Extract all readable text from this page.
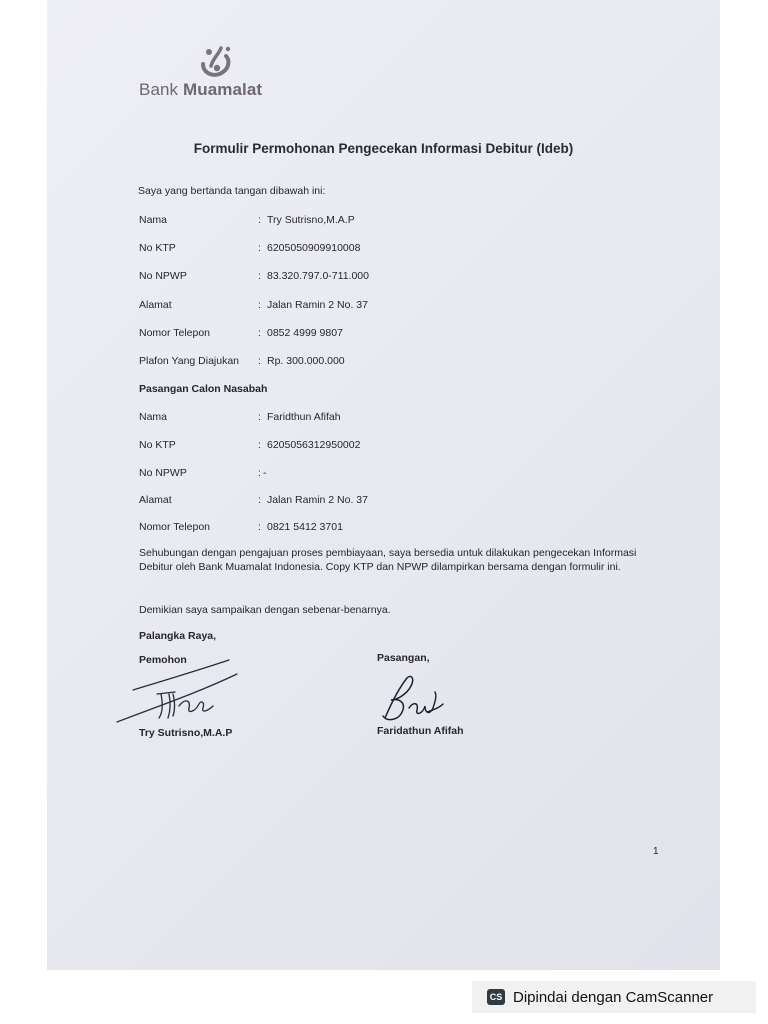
Bank Muamalat
Formulir Permohonan Pengecekan Informasi Debitur (Ideb)
Saya yang bertanda tangan dibawah ini:
Nama	: Try Sutrisno,M.A.P
No KTP	: 6205050909910008
No NPWP	: 83.320.797.0-711.000
Alamat	: Jalan Ramin 2 No. 37
Nomor Telepon	: 0852 4999 9807
Plafon Yang Diajukan : Rp. 300.000.000
Pasangan Calon Nasabah
Nama	: Faridthun Afifah
No KTP	: 6205056312950002
No NPWP	: -
Alamat	: Jalan Ramin 2 No. 37
Nomor Telepon	: 0821 5412 3701
Sehubungan dengan pengajuan proses pembiayaan, saya bersedia untuk dilakukan pengecekan Informasi Debitur oleh Bank Muamalat Indonesia. Copy KTP dan NPWP dilampirkan bersama dengan formulir ini.
Demikian saya sampaikan dengan sebenar-benarnya.
Palangka Raya,
Pemohon	Pasangan,
Try Sutrisno,M.A.P	Faridathun Afifah
1
CS Dipindai dengan CamScanner
